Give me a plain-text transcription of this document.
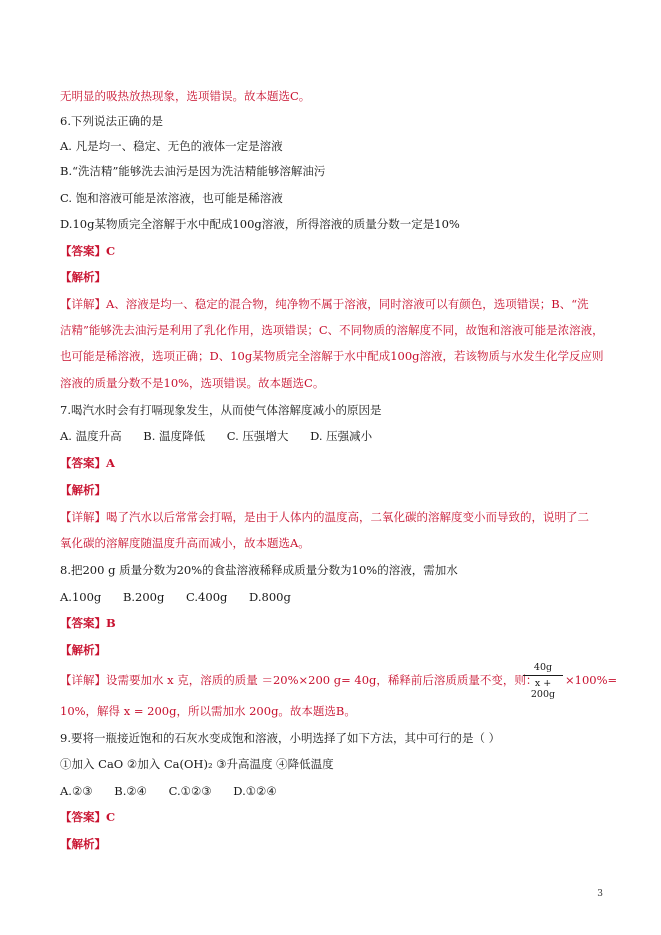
无明显的吸热放热现象，选项错误。故本题选C。
6.下列说法正确的是
A. 凡是均一、稳定、无色的液体一定是溶液
B.“洗洁精”能够洗去油污是因为洗洁精能够溶解油污
C. 饱和溶液可能是浓溶液，也可能是稀溶液
D.10g某物质完全溶解于水中配成100g溶液，所得溶液的质量分数一定是10%
【答案】C
【解析】
【详解】A、溶液是均一、稳定的混合物，纯净物不属于溶液，同时溶液可以有颜色，选项错误；B、“洗
洁精”能够洗去油污是利用了乳化作用，选项错误；C、不同物质的溶解度不同，故饱和溶液可能是浓溶液，
也可能是稀溶液，选项正确；D、10g某物质完全溶解于水中配成100g溶液，若该物质与水发生化学反应则
溶液的质量分数不是10%，选项错误。故本题选C。
7.喝汽水时会有打嗝现象发生，从而使气体溶解度减小的原因是
A. 温度升高 B. 温度降低 C. 压强增大 D. 压强减小
【答案】A
【解析】
【详解】喝了汽水以后常常会打嗝，是由于人体内的温度高，二氧化碳的溶解度变小而导致的，说明了二
氧化碳的溶解度随温度升高而减小，故本题选A。
8.把200 g 质量分数为20%的食盐溶液稀释成质量分数为10%的溶液，需加水
A.100g B.200g C.400g D.800g
【答案】B
【解析】
【详解】设需要加水 x 克，溶质的质量 ＝20%×200 g= 40g，稀释前后溶质质量不变，则：
$\frac{40g}{x + 200g} \times 100\%=$
10%，解得 x = 200g，所以需加水 200g。故本题选B。
9.要将一瓶接近饱和的石灰水变成饱和溶液，小明选择了如下方法，其中可行的是（ ）
①加入 CaO ②加入 Ca(OH)₂ ③升高温度 ④降低温度
A.②③ B.②④ C.①②③ D.①②④
【答案】C
【解析】
3
